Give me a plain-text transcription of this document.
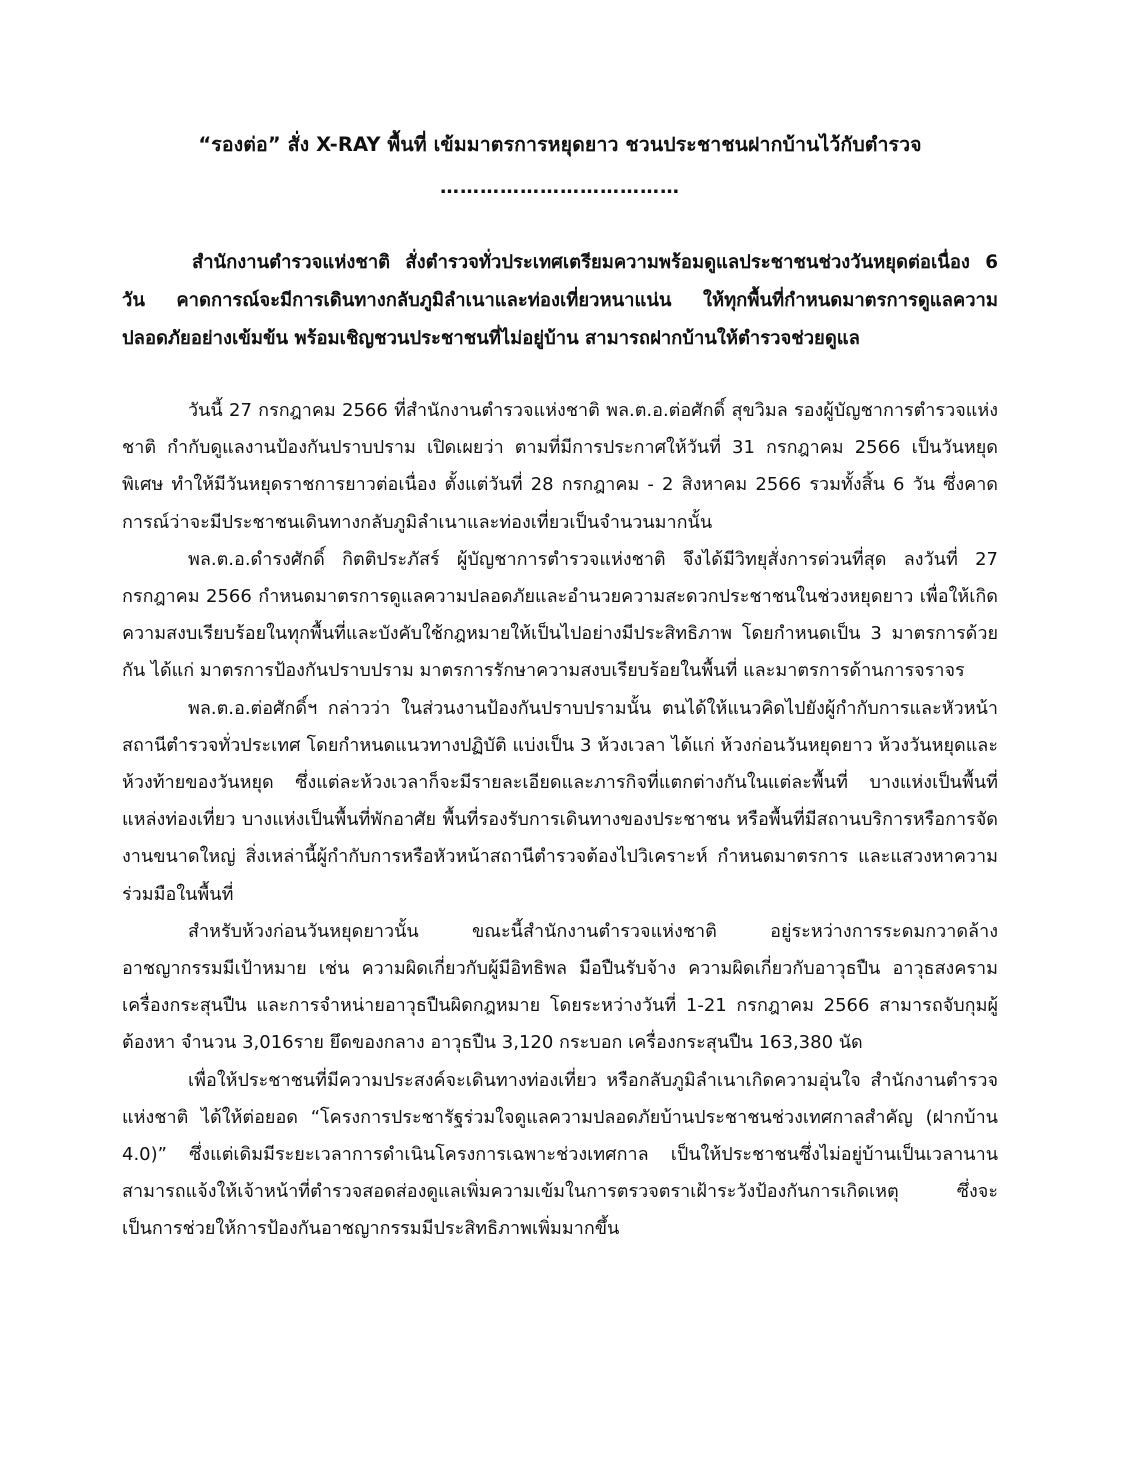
“รองต่อ” สั่ง X-RAY พื้นที่ เข้มมาตรการหยุดยาว ชวนประชาชนฝากบ้านไว้กับตำรวจ
………………………………

สำนักงานตำรวจแห่งชาติ สั่งตำรวจทั่วประเทศเตรียมความพร้อมดูแลประชาชนช่วงวันหยุดต่อเนื่อง 6 วัน คาดการณ์จะมีการเดินทางกลับภูมิลำเนาและท่องเที่ยวหนาแน่น ให้ทุกพื้นที่กำหนดมาตรการดูแลความปลอดภัยอย่างเข้มข้น พร้อมเชิญชวนประชาชนที่ไม่อยู่บ้าน สามารถฝากบ้านให้ตำรวจช่วยดูแล

วันนี้ 27 กรกฎาคม 2566 ที่สำนักงานตำรวจแห่งชาติ พล.ต.อ.ต่อศักดิ์ สุขวิมล รองผู้บัญชาการตำรวจแห่งชาติ กำกับดูแลงานป้องกันปราบปราม เปิดเผยว่า ตามที่มีการประกาศให้วันที่ 31 กรกฎาคม 2566 เป็นวันหยุดพิเศษ ทำให้มีวันหยุดราชการยาวต่อเนื่อง ตั้งแต่วันที่ 28 กรกฎาคม - 2 สิงหาคม 2566 รวมทั้งสิ้น 6 วัน ซึ่งคาดการณ์ว่าจะมีประชาชนเดินทางกลับภูมิลำเนาและท่องเที่ยวเป็นจำนวนมากนั้น

พล.ต.อ.ดำรงศักดิ์ กิตติประภัสร์ ผู้บัญชาการตำรวจแห่งชาติ จึงได้มีวิทยุสั่งการด่วนที่สุด ลงวันที่ 27 กรกฎาคม 2566 กำหนดมาตรการดูแลความปลอดภัยและอำนวยความสะดวกประชาชนในช่วงหยุดยาว เพื่อให้เกิดความสงบเรียบร้อยในทุกพื้นที่และบังคับใช้กฎหมายให้เป็นไปอย่างมีประสิทธิภาพ โดยกำหนดเป็น 3 มาตรการด้วยกัน ได้แก่ มาตรการป้องกันปราบปราม มาตรการรักษาความสงบเรียบร้อยในพื้นที่ และมาตรการด้านการจราจร

พล.ต.อ.ต่อศักดิ์ฯ กล่าวว่า ในส่วนงานป้องกันปราบปรามนั้น ตนได้ให้แนวคิดไปยังผู้กำกับการและหัวหน้าสถานีตำรวจทั่วประเทศ โดยกำหนดแนวทางปฏิบัติ แบ่งเป็น 3 ห้วงเวลา ได้แก่ ห้วงก่อนวันหยุดยาว ห้วงวันหยุดและห้วงท้ายของวันหยุด ซึ่งแต่ละห้วงเวลาก็จะมีรายละเอียดและภารกิจที่แตกต่างกันในแต่ละพื้นที่ บางแห่งเป็นพื้นที่แหล่งท่องเที่ยว บางแห่งเป็นพื้นที่พักอาศัย พื้นที่รองรับการเดินทางของประชาชน หรือพื้นที่มีสถานบริการหรือการจัดงานขนาดใหญ่ สิ่งเหล่านี้ผู้กำกับการหรือหัวหน้าสถานีตำรวจต้องไปวิเคราะห์ กำหนดมาตรการ และแสวงหาความร่วมมือในพื้นที่

สำหรับห้วงก่อนวันหยุดยาวนั้น ขณะนี้สำนักงานตำรวจแห่งชาติ อยู่ระหว่างการระดมกวาดล้างอาชญากรรมมีเป้าหมาย เช่น ความผิดเกี่ยวกับผู้มีอิทธิพล มือปืนรับจ้าง ความผิดเกี่ยวกับอาวุธปืน อาวุธสงคราม เครื่องกระสุนปืน และการจำหน่ายอาวุธปืนผิดกฎหมาย โดยระหว่างวันที่ 1-21 กรกฎาคม 2566 สามารถจับกุมผู้ต้องหา จำนวน 3,016ราย ยึดของกลาง อาวุธปืน 3,120 กระบอก เครื่องกระสุนปืน 163,380 นัด

เพื่อให้ประชาชนที่มีความประสงค์จะเดินทางท่องเที่ยว หรือกลับภูมิลำเนาเกิดความอุ่นใจ สำนักงานตำรวจแห่งชาติ ได้ให้ต่อยอด “โครงการประชารัฐร่วมใจดูแลความปลอดภัยบ้านประชาชนช่วงเทศกาลสำคัญ (ฝากบ้าน 4.0)” ซึ่งแต่เดิมมีระยะเวลาการดำเนินโครงการเฉพาะช่วงเทศกาล เป็นให้ประชาชนซึ่งไม่อยู่บ้านเป็นเวลานาน สามารถแจ้งให้เจ้าหน้าที่ตำรวจสอดส่องดูแลเพิ่มความเข้มในการตรวจตราเฝ้าระวังป้องกันการเกิดเหตุ ซึ่งจะเป็นการช่วยให้การป้องกันอาชญากรรมมีประสิทธิภาพเพิ่มมากขึ้น
